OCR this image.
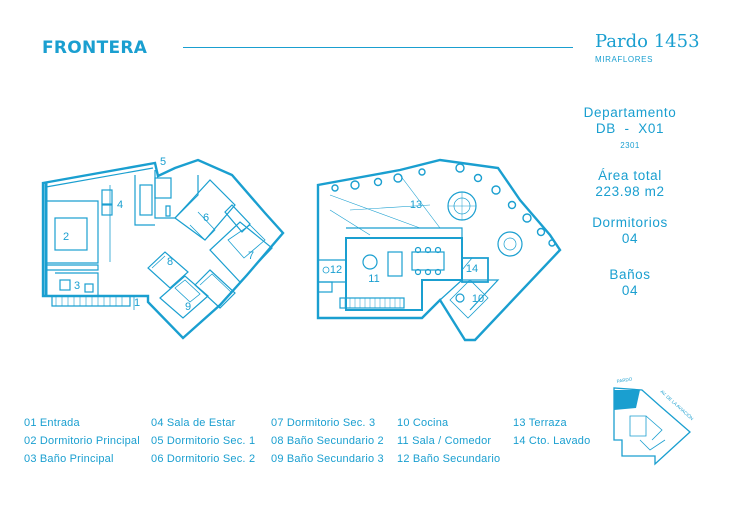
FRONTERA	Pardo 1453
MIRAFLORES
Departamento
DB  -  X01
2301
Área total
223.98 m2
Dormitorios
04
Baños
04
1
2
3
4
5
6
7
8
9
10
11
12
13
14
PARDO
AV. DE LA AVIACIÓN
01 Entrada
02 Dormitorio Principal
03 Baño Principal
04 Sala de Estar
05 Dormitorio Sec. 1
06 Dormitorio Sec. 2
07 Dormitorio Sec. 3
08 Baño Secundario 2
09 Baño Secundario 3
10 Cocina
11 Sala / Comedor
12 Baño Secundario
13 Terraza
14 Cto. Lavado
